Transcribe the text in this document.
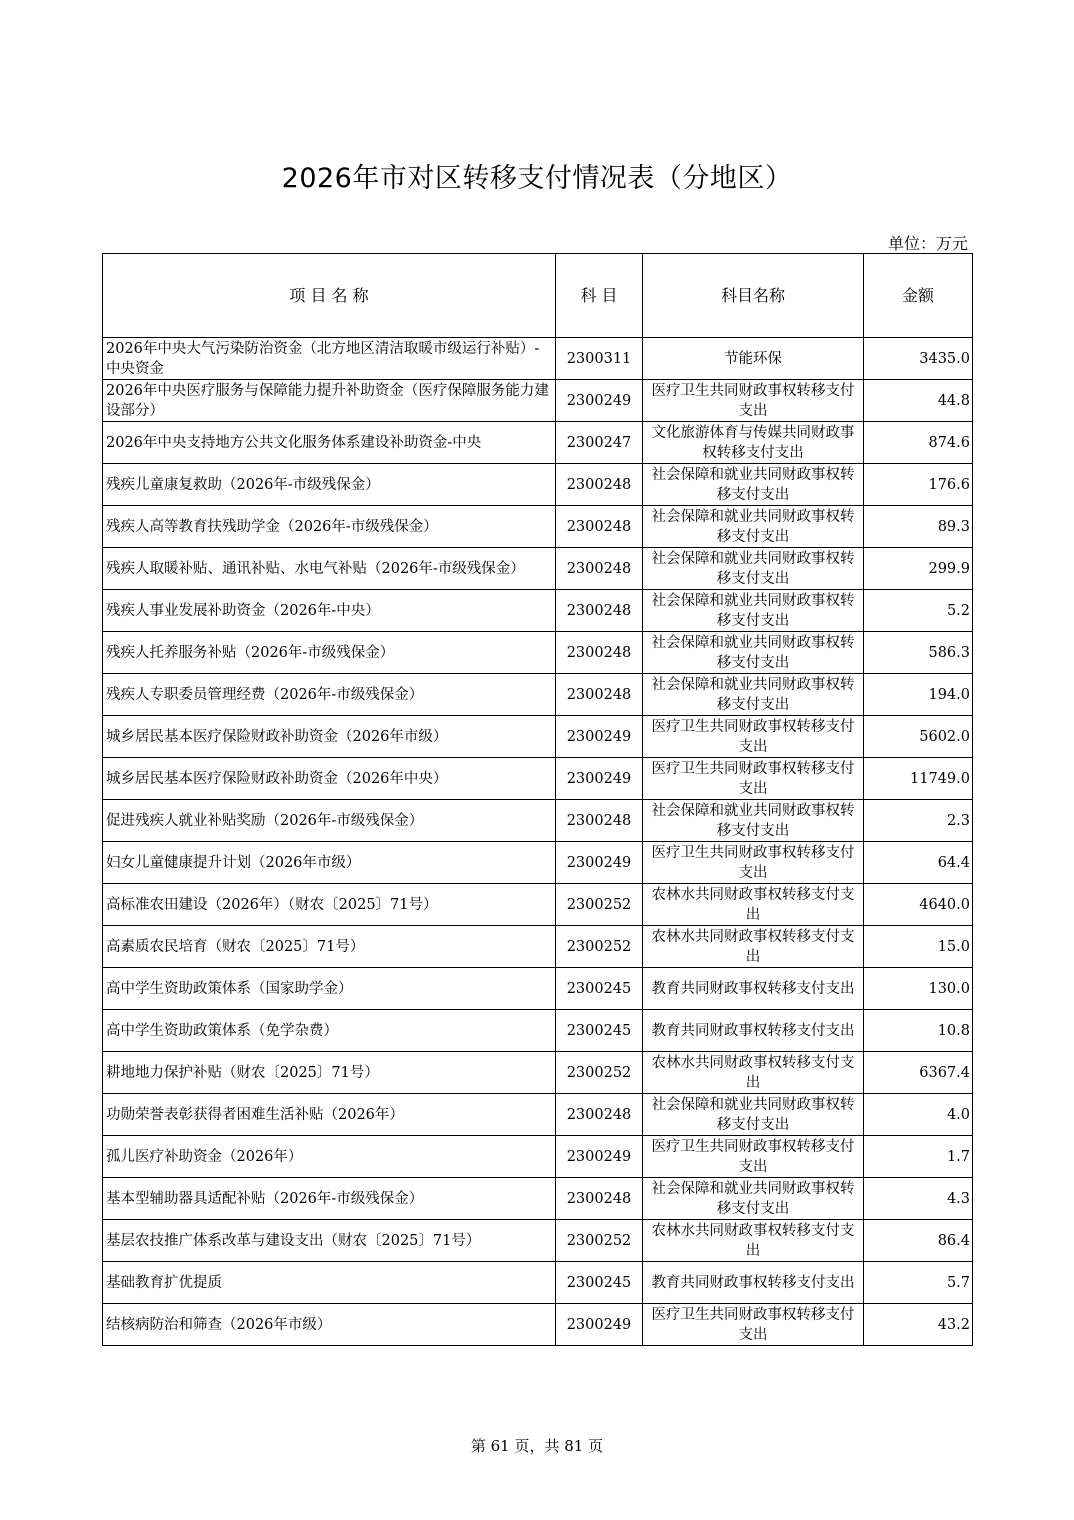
2026年市对区转移支付情况表（分地区）
单位：万元
项 目 名 称	科 目	科目名称	金额
2026年中央大气污染防治资金（北方地区清洁取暖市级运行补贴）-中央资金	2300311	节能环保	3435.0
2026年中央医疗服务与保障能力提升补助资金（医疗保障服务能力建设部分）	2300249	医疗卫生共同财政事权转移支付支出	44.8
2026年中央支持地方公共文化服务体系建设补助资金-中央	2300247	文化旅游体育与传媒共同财政事权转移支付支出	874.6
残疾儿童康复救助（2026年-市级残保金）	2300248	社会保障和就业共同财政事权转移支付支出	176.6
残疾人高等教育扶残助学金（2026年-市级残保金）	2300248	社会保障和就业共同财政事权转移支付支出	89.3
残疾人取暖补贴、通讯补贴、水电气补贴（2026年-市级残保金）	2300248	社会保障和就业共同财政事权转移支付支出	299.9
残疾人事业发展补助资金（2026年-中央）	2300248	社会保障和就业共同财政事权转移支付支出	5.2
残疾人托养服务补贴（2026年-市级残保金）	2300248	社会保障和就业共同财政事权转移支付支出	586.3
残疾人专职委员管理经费（2026年-市级残保金）	2300248	社会保障和就业共同财政事权转移支付支出	194.0
城乡居民基本医疗保险财政补助资金（2026年市级）	2300249	医疗卫生共同财政事权转移支付支出	5602.0
城乡居民基本医疗保险财政补助资金（2026年中央）	2300249	医疗卫生共同财政事权转移支付支出	11749.0
促进残疾人就业补贴奖励（2026年-市级残保金）	2300248	社会保障和就业共同财政事权转移支付支出	2.3
妇女儿童健康提升计划（2026年市级）	2300249	医疗卫生共同财政事权转移支付支出	64.4
高标准农田建设（2026年）（财农〔2025〕71号）	2300252	农林水共同财政事权转移支付支出	4640.0
高素质农民培育（财农〔2025〕71号）	2300252	农林水共同财政事权转移支付支出	15.0
高中学生资助政策体系（国家助学金）	2300245	教育共同财政事权转移支付支出	130.0
高中学生资助政策体系（免学杂费）	2300245	教育共同财政事权转移支付支出	10.8
耕地地力保护补贴（财农〔2025〕71号）	2300252	农林水共同财政事权转移支付支出	6367.4
功勋荣誉表彰获得者困难生活补贴（2026年）	2300248	社会保障和就业共同财政事权转移支付支出	4.0
孤儿医疗补助资金（2026年）	2300249	医疗卫生共同财政事权转移支付支出	1.7
基本型辅助器具适配补贴（2026年-市级残保金）	2300248	社会保障和就业共同财政事权转移支付支出	4.3
基层农技推广体系改革与建设支出（财农〔2025〕71号）	2300252	农林水共同财政事权转移支付支出	86.4
基础教育扩优提质	2300245	教育共同财政事权转移支付支出	5.7
结核病防治和筛查（2026年市级）	2300249	医疗卫生共同财政事权转移支付支出	43.2
第 61 页，共 81 页
